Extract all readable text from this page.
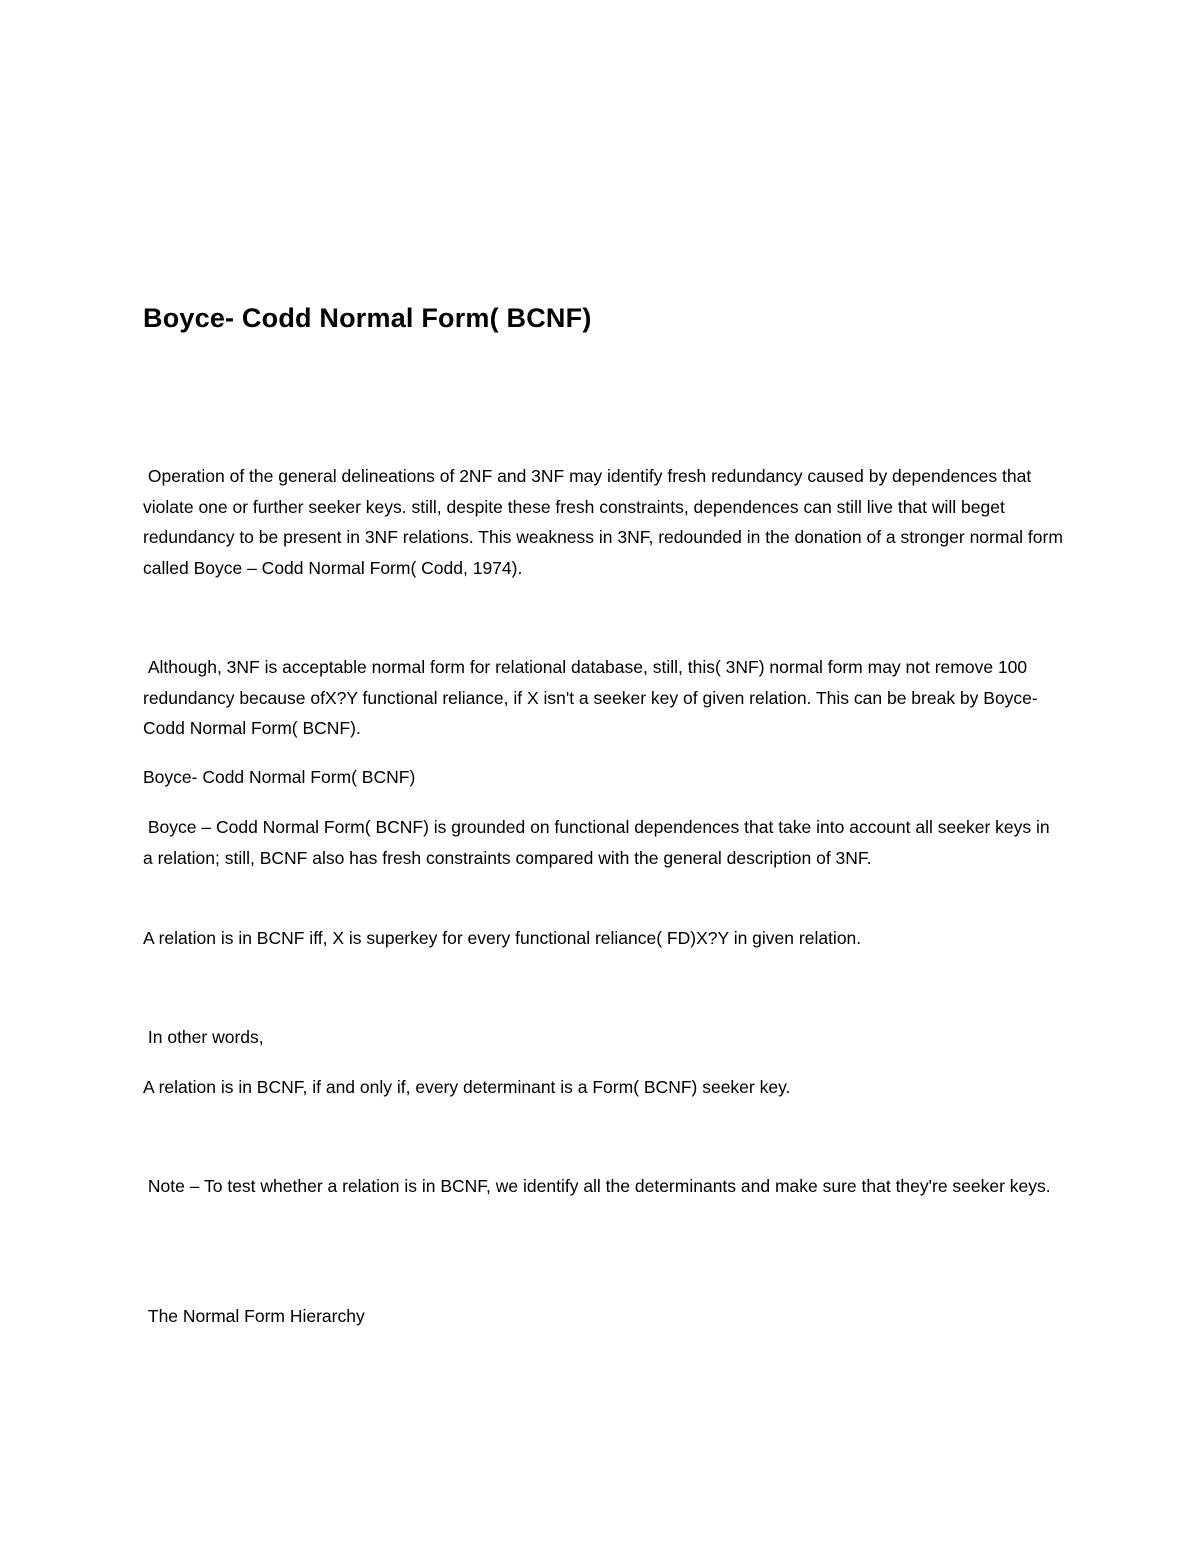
Boyce- Codd Normal Form( BCNF)

Operation of the general delineations of 2NF and 3NF may identify fresh redundancy caused by dependences that violate one or further seeker keys. still, despite these fresh constraints, dependences can still live that will beget redundancy to be present in 3NF relations. This weakness in 3NF, redounded in the donation of a stronger normal form called Boyce – Codd Normal Form( Codd, 1974).

Although, 3NF is acceptable normal form for relational database, still, this( 3NF) normal form may not remove 100 redundancy because ofX?Y functional reliance, if X isn't a seeker key of given relation. This can be break by Boyce- Codd Normal Form( BCNF).

Boyce- Codd Normal Form( BCNF)

Boyce – Codd Normal Form( BCNF) is grounded on functional dependences that take into account all seeker keys in a relation; still, BCNF also has fresh constraints compared with the general description of 3NF.

A relation is in BCNF iff, X is superkey for every functional reliance( FD)X?Y in given relation.

In other words,

A relation is in BCNF, if and only if, every determinant is a Form( BCNF) seeker key.

Note – To test whether a relation is in BCNF, we identify all the determinants and make sure that they're seeker keys.

The Normal Form Hierarchy
